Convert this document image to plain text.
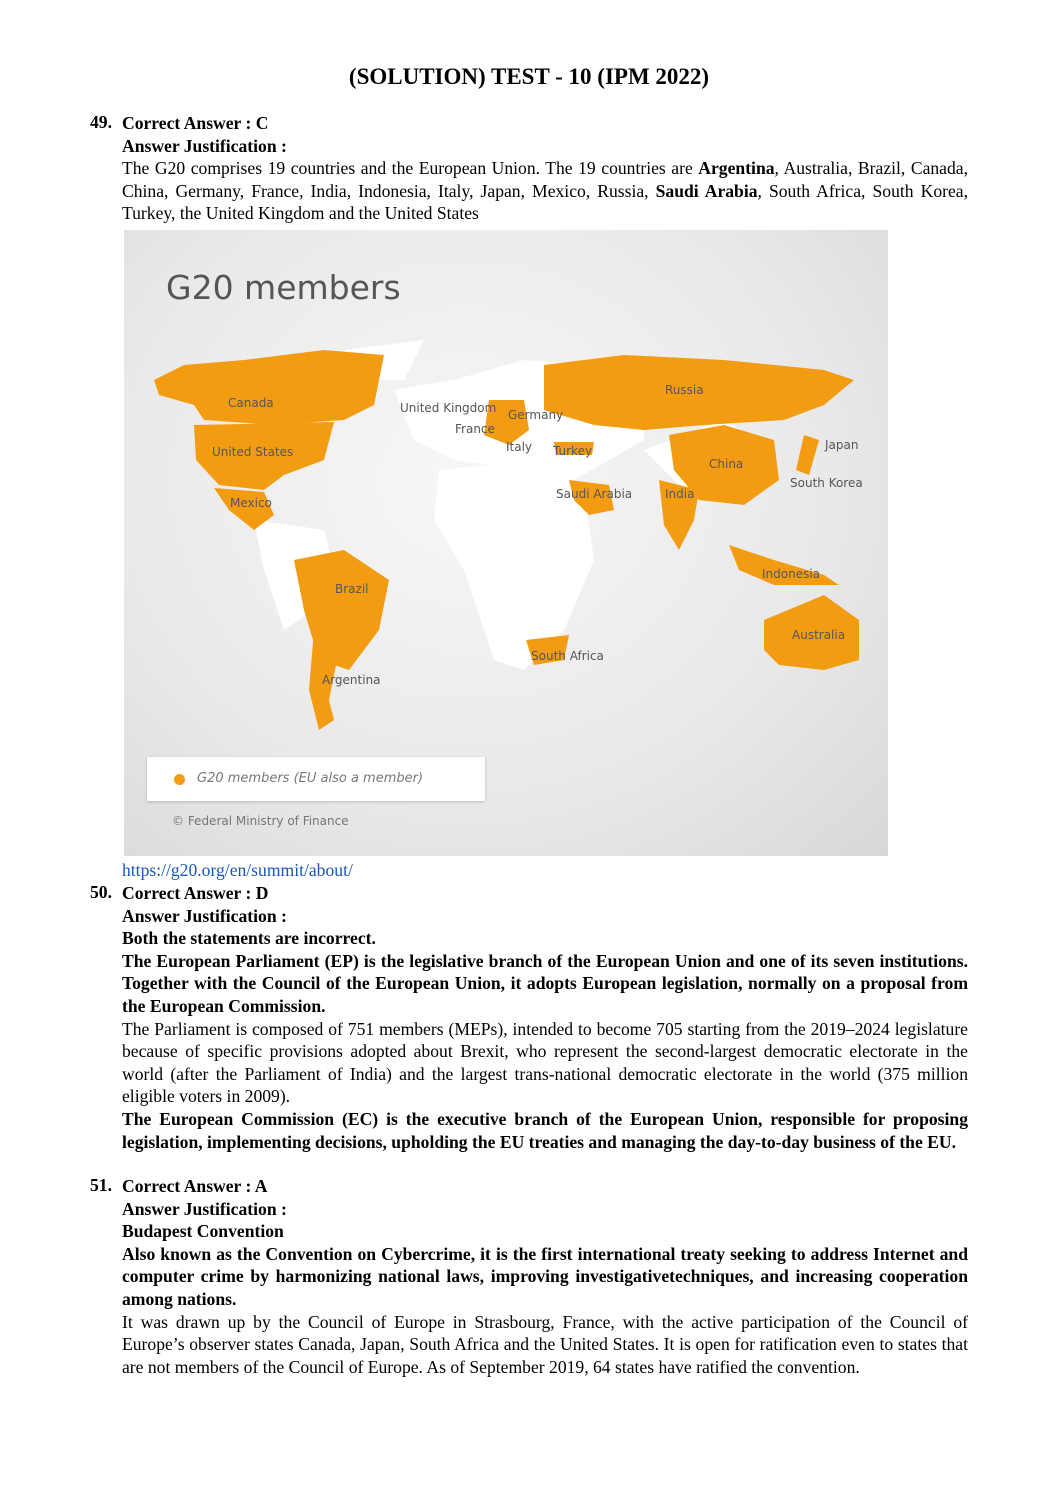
(SOLUTION) TEST - 10 (IPM 2022)
49. Correct Answer : C
Answer Justification :
The G20 comprises 19 countries and the European Union. The 19 countries are Argentina, Australia, Brazil, Canada, China, Germany, France, India, Indonesia, Italy, Japan, Mexico, Russia, Saudi Arabia, South Africa, South Korea, Turkey, the United Kingdom and the United States
G20 members
Canada
United States
Mexico
Brazil
Argentina
United Kingdom Germany
France
Italy Turkey
Saudi Arabia	India
China
Russia
Japan
South Korea
Indonesia
Australia
South Africa
G20 members (EU also a member)
© Federal Ministry of Finance
https://g20.org/en/summit/about/
50. Correct Answer : D
Answer Justification :
Both the statements are incorrect.
The European Parliament (EP) is the legislative branch of the European Union and one of its seven institutions. Together with the Council of the European Union, it adopts European legislation, normally on a proposal from the European Commission.
The Parliament is composed of 751 members (MEPs), intended to become 705 starting from the 2019–2024 legislature because of specific provisions adopted about Brexit, who represent the second-largest democratic electorate in the world (after the Parliament of India) and the largest trans-national democratic electorate in the world (375 million eligible voters in 2009).
The European Commission (EC) is the executive branch of the European Union, responsible for proposing legislation, implementing decisions, upholding the EU treaties and managing the day-to-day business of the EU.
51. Correct Answer : A
Answer Justification :
Budapest Convention
Also known as the Convention on Cybercrime, it is the first international treaty seeking to address Internet and computer crime by harmonizing national laws, improving investigativetechniques, and increasing cooperation among nations.
It was drawn up by the Council of Europe in Strasbourg, France, with the active participation of the Council of Europe’s observer states Canada, Japan, South Africa and the United States. It is open for ratification even to states that are not members of the Council of Europe. As of September 2019, 64 states have ratified the convention.
